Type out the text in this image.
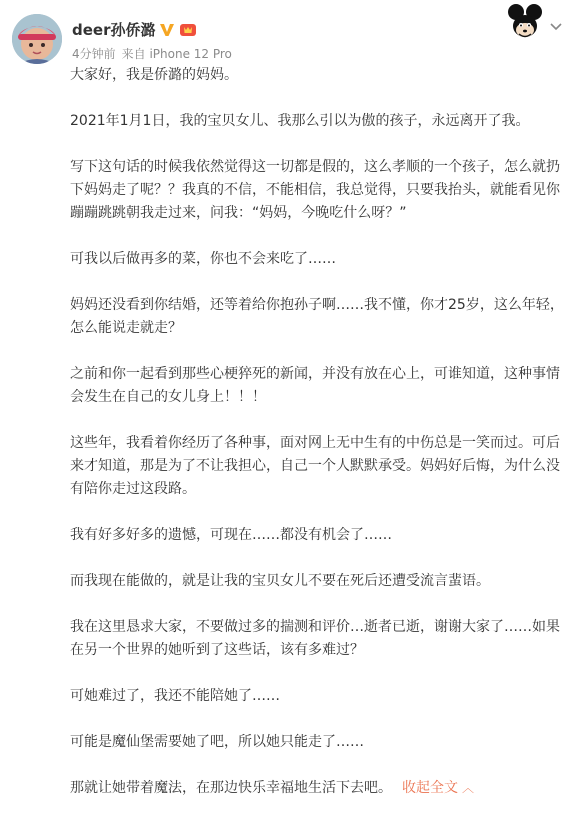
deer孙侨潞
4分钟前 来自 iPhone 12 Pro

大家好，我是侨潞的妈妈。

2021年1月1日，我的宝贝女儿、我那么引以为傲的孩子，永远离开了我。

写下这句话的时候我依然觉得这一切都是假的，这么孝顺的一个孩子，怎么就扔下妈妈走了呢？？我真的不信，不能相信，我总觉得，只要我抬头，就能看见你蹦蹦跳跳朝我走过来，问我：“妈妈，今晚吃什么呀？”

可我以后做再多的菜，你也不会来吃了……

妈妈还没看到你结婚，还等着给你抱孙子啊……我不懂，你才25岁，这么年轻，怎么能说走就走？

之前和你一起看到那些心梗猝死的新闻，并没有放在心上，可谁知道，这种事情会发生在自己的女儿身上！！！

这些年，我看着你经历了各种事，面对网上无中生有的中伤总是一笑而过。可后来才知道，那是为了不让我担心，自己一个人默默承受。妈妈好后悔，为什么没有陪你走过这段路。

我有好多好多的遗憾，可现在……都没有机会了……

而我现在能做的，就是让我的宝贝女儿不要在死后还遭受流言蜚语。

我在这里恳求大家，不要做过多的揣测和评价…逝者已逝，谢谢大家了……如果在另一个世界的她听到了这些话，该有多难过？

可她难过了，我还不能陪她了……

可能是魔仙堡需要她了吧，所以她只能走了……

那就让她带着魔法，在那边快乐幸福地生活下去吧。 收起全文 ︿
